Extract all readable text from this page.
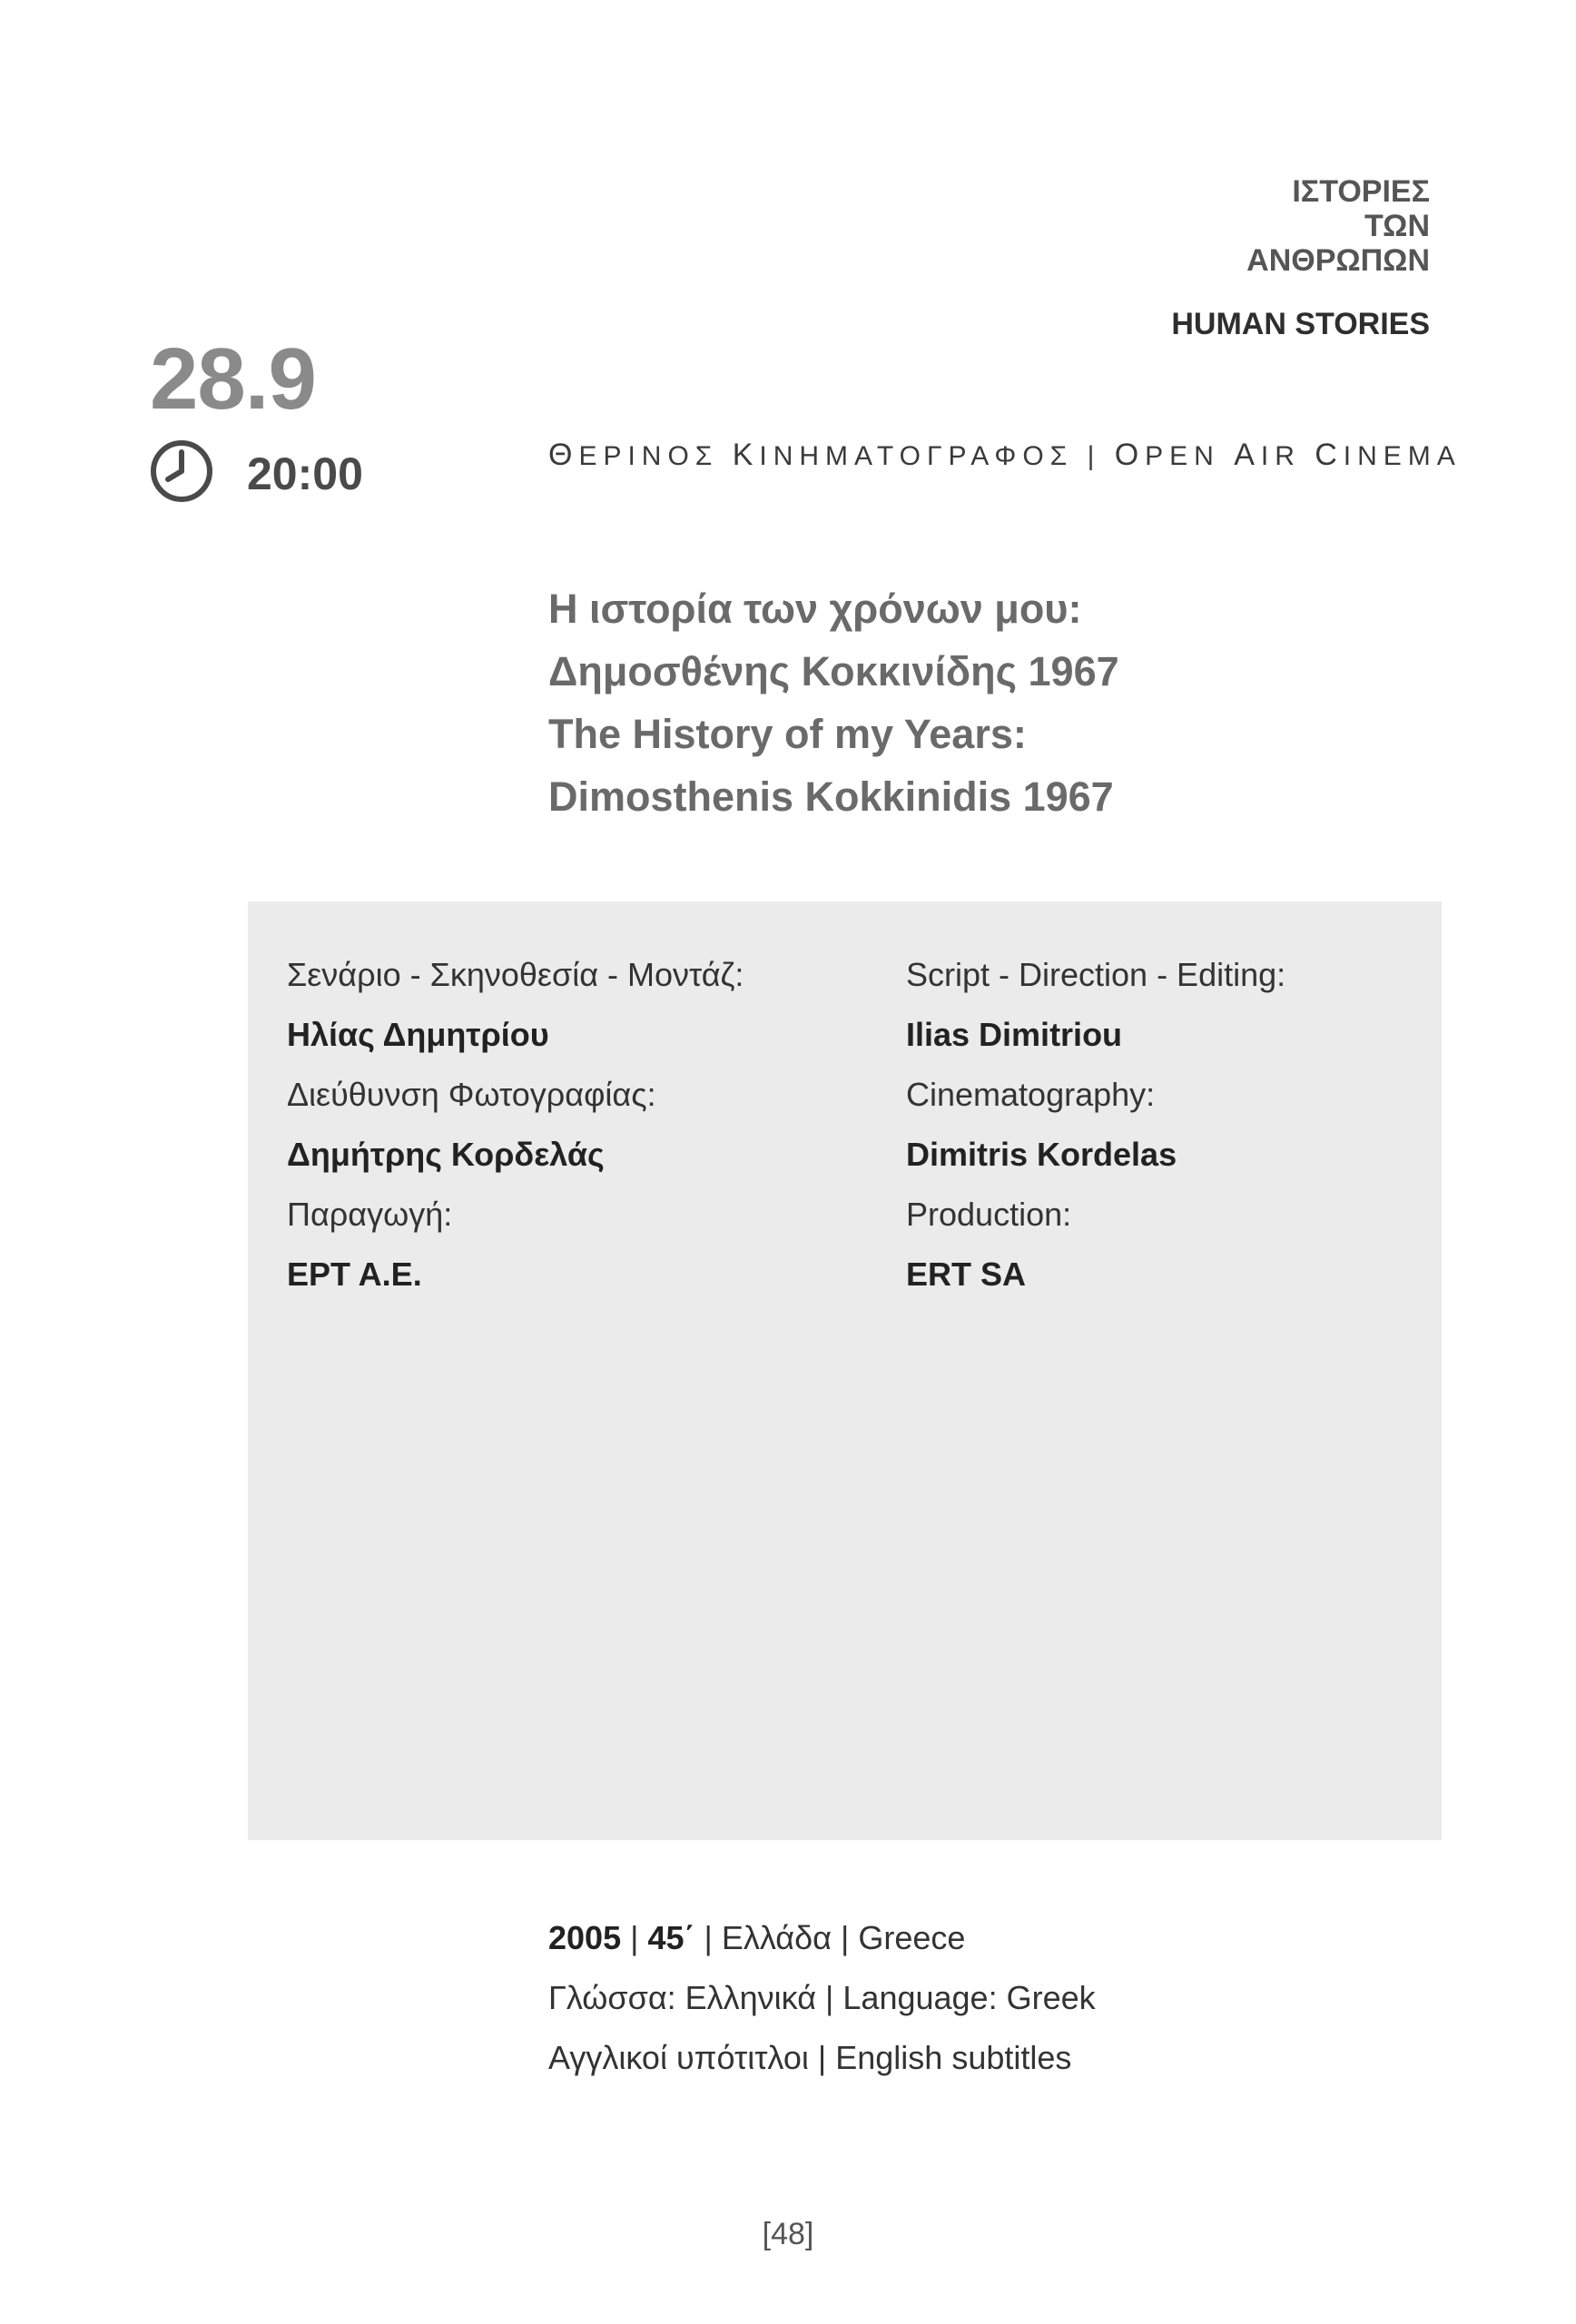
ΙΣΤΟΡΙΕΣ
ΤΩΝ
ΑΝΘΡΩΠΩΝ
HUMAN STORIES
28.9
20:00	ΘΕΡΙΝΟΣ ΚΙΝΗΜΑΤΟΓΡΑΦΟΣ | OPEN AIR CINEMA
Η ιστορία των χρόνων μου:
Δημοσθένης Κοκκινίδης 1967
The History of my Years:
Dimosthenis Kokkinidis 1967
Σενάριο - Σκηνοθεσία - Μοντάζ:
Ηλίας Δημητρίου
Διεύθυνση Φωτογραφίας:
Δημήτρης Κορδελάς
Παραγωγή:
ΕΡΤ Α.Ε.
Script - Direction - Editing:
Ilias Dimitriou
Cinematography:
Dimitris Kordelas
Production:
ERT SA
2005 | 45΄ | Ελλάδα | Greece
Γλώσσα: Ελληνικά | Language: Greek
Αγγλικοί υπότιτλοι | English subtitles
[48]
